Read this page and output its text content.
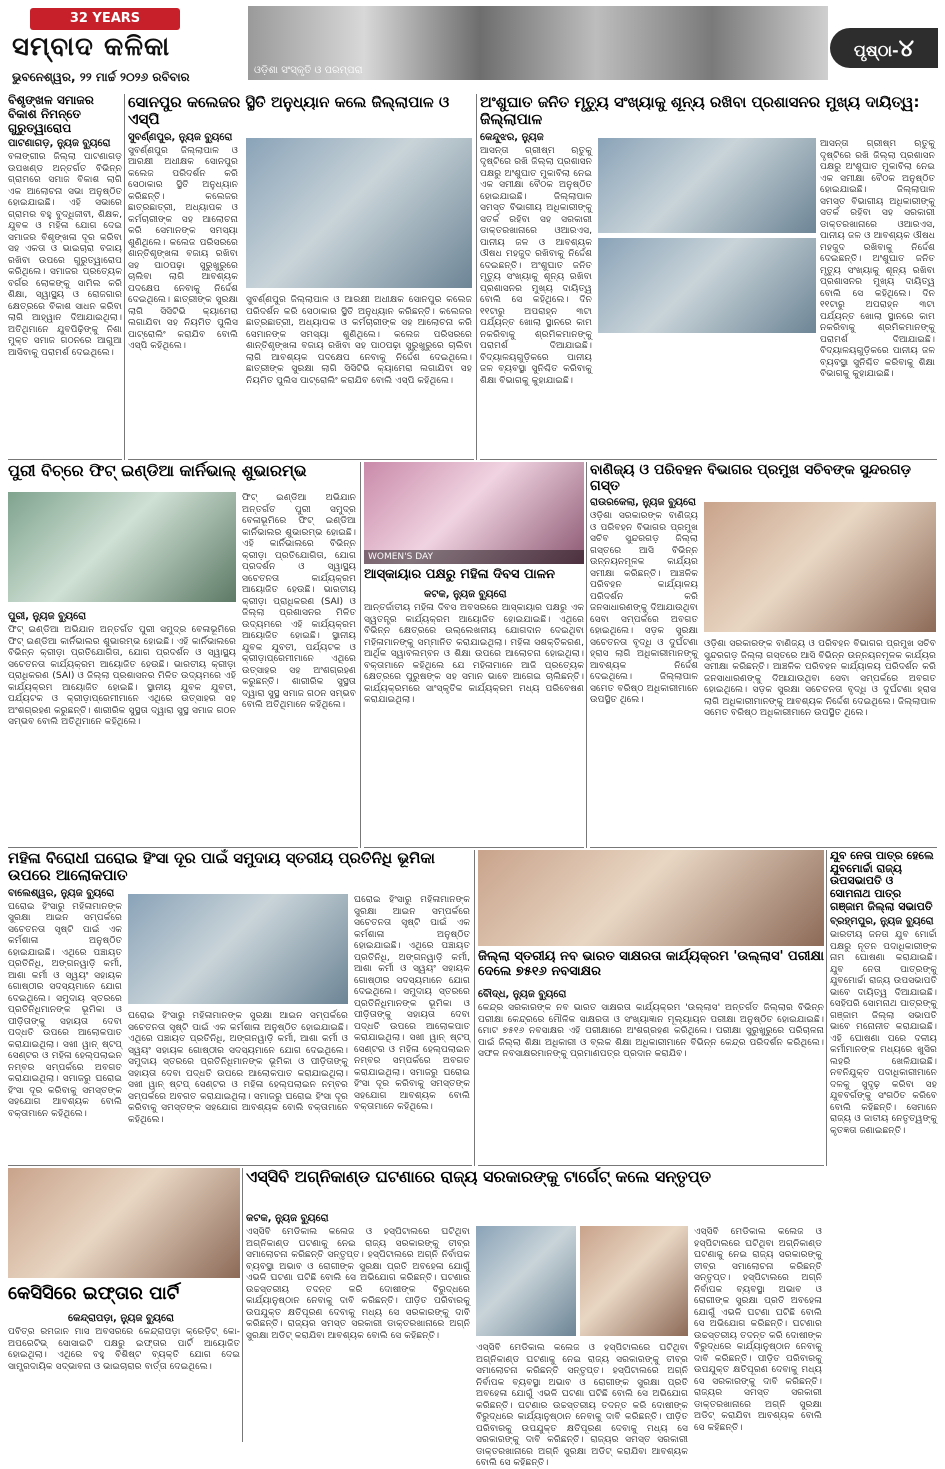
32 YEARS
ସମ୍ବାଦ କଳିକା
ଭୁବନେଶ୍ୱର, ୨୨ ମାର୍ଚ୍ଚ ୨୦୨୬ ରବିବାର	ଓଡ଼ିଶା ସଂସ୍କୃତି ଓ ପରମ୍ପରା
ପୃଷ୍ଠା-୪
ବିଶୃଙ୍ଖଳ ସମାଜର ବିକାଶ ନିମନ୍ତେ ଗୁରୁତ୍ୱାରୋପ
ପାଟଣାଗଡ଼, ନ୍ୟୁଜ ବ୍ୟୁରୋ
ବଳାଙ୍ଗୀର ଜିଲ୍ଲା ପାଟଣାଗଡ଼ ଉପଖଣ୍ଡ ଅନ୍ତର୍ଗତ ବିଭିନ୍ନ ଗ୍ରାମରେ ସମାଜ ବିକାଶ ଲାଗି ଏକ ଆଲୋଚନା ସଭା ଅନୁଷ୍ଠିତ ହୋଇଯାଇଛି। ଏହି ସଭାରେ ଗ୍ରାମର ବହୁ ବୁଦ୍ଧିଜୀବୀ, ଶିକ୍ଷକ, ଯୁବକ ଓ ମହିଳା ଯୋଗ ଦେଇ ସମାଜର ବିଶୃଙ୍ଖଳା ଦୂର କରିବା ସହ ଏକତା ଓ ଭାଇଚାରା ବଜାୟ ରଖିବା ଉପରେ ଗୁରୁତ୍ୱାରୋପ କରିଥିଲେ। ସମାଜର ପ୍ରତ୍ୟେକ ବର୍ଗର ଲୋକଙ୍କୁ ସାମିଲ କରି ଶିକ୍ଷା, ସ୍ୱାସ୍ଥ୍ୟ ଓ ରୋଜଗାର କ୍ଷେତ୍ରରେ ବିକାଶ ସାଧନ କରିବା ଲାଗି ଆହ୍ୱାନ ଦିଆଯାଇଥିଲା। ଅତିଥିମାନେ ଯୁବପିଢ଼ିଙ୍କୁ ନିଶା ମୁକ୍ତ ସମାଜ ଗଠନରେ ଆଗୁଆ ଆସିବାକୁ ପରାମର୍ଶ ଦେଇଥିଲେ।
ସୋନପୁର କଲେଜର ସ୍ଥିତି ଅନୁଧ୍ୟାନ କଲେ ଜିଲ୍ଲାପାଳ ଓ ଏସ୍‌ପି
ସୁବର୍ଣ୍ଣପୁର, ନ୍ୟୁଜ ବ୍ୟୁରୋ
ସୁବର୍ଣ୍ଣପୁର ଜିଲ୍ଲାପାଳ ଓ ଆରକ୍ଷୀ ଅଧୀକ୍ଷକ ସୋନପୁର କଲେଜ ପରିଦର୍ଶନ କରି ସେଠାକାର ସ୍ଥିତି ଅନୁଧ୍ୟାନ କରିଛନ୍ତି। କଲେଜର ଛାତ୍ରଛାତ୍ରୀ, ଅଧ୍ୟାପକ ଓ କର୍ମଚାରୀଙ୍କ ସହ ଆଲୋଚନା କରି ସେମାନଙ୍କ ସମସ୍ୟା ଶୁଣିଥିଲେ। କଲେଜ ପରିସରରେ ଶାନ୍ତିଶୃଙ୍ଖଳା ବଜାୟ ରଖିବା ସହ ପାଠପଢ଼ା ସୁରୁଖୁରୁରେ ଚାଲିବା ଲାଗି ଆବଶ୍ୟକ ପଦକ୍ଷେପ ନେବାକୁ ନିର୍ଦ୍ଦେଶ ଦେଇଥିଲେ। ଛାତ୍ରୀଙ୍କ ସୁରକ୍ଷା ଲାଗି ସିସିଟିଭି କ୍ୟାମେରା ଲଗାଯିବା ସହ ନିୟମିତ ପୁଲିସ ପାଟ୍ରୋଲିଂ କରାଯିବ ବୋଲି ଏସ୍‌ପି କହିଥିଲେ।
ସୁବର୍ଣ୍ଣପୁର ଜିଲ୍ଲାପାଳ ଓ ଆରକ୍ଷୀ ଅଧୀକ୍ଷକ ସୋନପୁର କଲେଜ ପରିଦର୍ଶନ କରି ସେଠାକାର ସ୍ଥିତି ଅନୁଧ୍ୟାନ କରିଛନ୍ତି। କଲେଜର ଛାତ୍ରଛାତ୍ରୀ, ଅଧ୍ୟାପକ ଓ କର୍ମଚାରୀଙ୍କ ସହ ଆଲୋଚନା କରି ସେମାନଙ୍କ ସମସ୍ୟା ଶୁଣିଥିଲେ। କଲେଜ ପରିସରରେ ଶାନ୍ତିଶୃଙ୍ଖଳା ବଜାୟ ରଖିବା ସହ ପାଠପଢ଼ା ସୁରୁଖୁରୁରେ ଚାଲିବା ଲାଗି ଆବଶ୍ୟକ ପଦକ୍ଷେପ ନେବାକୁ ନିର୍ଦ୍ଦେଶ ଦେଇଥିଲେ। ଛାତ୍ରୀଙ୍କ ସୁରକ୍ଷା ଲାଗି ସିସିଟିଭି କ୍ୟାମେରା ଲଗାଯିବା ସହ ନିୟମିତ ପୁଲିସ ପାଟ୍ରୋଲିଂ କରାଯିବ ବୋଲି ଏସ୍‌ପି କହିଥିଲେ।
ଅଂଶୁଘାତ ଜନିତ ମୃତ୍ୟୁ ସଂଖ୍ୟାକୁ ଶୂନ୍ୟ ରଖିବା ପ୍ରଶାସନର ମୁଖ୍ୟ ଦାୟିତ୍ୱ: ଜିଲ୍ଲାପାଳ
କେନ୍ଦୁଝର, ନ୍ୟୁଜ
ଆସନ୍ତା ଗ୍ରୀଷ୍ମ ଋତୁକୁ ଦୃଷ୍ଟିରେ ରଖି ଜିଲ୍ଲା ପ୍ରଶାସନ ପକ୍ଷରୁ ଅଂଶୁଘାତ ମୁକାବିଲା ନେଇ ଏକ ସମୀକ୍ଷା ବୈଠକ ଅନୁଷ୍ଠିତ ହୋଇଯାଇଛି। ଜିଲ୍ଲାପାଳ ସମସ୍ତ ବିଭାଗୀୟ ଅଧିକାରୀଙ୍କୁ ସତର୍କ ରହିବା ସହ ସରକାରୀ ଡାକ୍ତରଖାନାରେ ଓଆରଏସ, ପାନୀୟ ଜଳ ଓ ଆବଶ୍ୟକ ଔଷଧ ମହଜୁଦ ରଖିବାକୁ ନିର୍ଦ୍ଦେଶ ଦେଇଛନ୍ତି। ଅଂଶୁଘାତ ଜନିତ ମୃତ୍ୟୁ ସଂଖ୍ୟାକୁ ଶୂନ୍ୟ ରଖିବା ପ୍ରଶାସନର ମୁଖ୍ୟ ଦାୟିତ୍ୱ ବୋଲି ସେ କହିଥିଲେ। ଦିନ ୧୧ଟାରୁ ଅପରାହ୍ନ ୩ଟା ପର୍ଯ୍ୟନ୍ତ ଖୋଲା ସ୍ଥାନରେ କାମ ନକରିବାକୁ ଶ୍ରମିକମାନଙ୍କୁ ପରାମର୍ଶ ଦିଆଯାଇଛି। ବିଦ୍ୟାଳୟଗୁଡ଼ିକରେ ପାନୀୟ ଜଳ ବ୍ୟବସ୍ଥା ସୁନିଶ୍ଚିତ କରିବାକୁ ଶିକ୍ଷା ବିଭାଗକୁ କୁହାଯାଇଛି।
ଆସନ୍ତା ଗ୍ରୀଷ୍ମ ଋତୁକୁ ଦୃଷ୍ଟିରେ ରଖି ଜିଲ୍ଲା ପ୍ରଶାସନ ପକ୍ଷରୁ ଅଂଶୁଘାତ ମୁକାବିଲା ନେଇ ଏକ ସମୀକ୍ଷା ବୈଠକ ଅନୁଷ୍ଠିତ ହୋଇଯାଇଛି। ଜିଲ୍ଲାପାଳ ସମସ୍ତ ବିଭାଗୀୟ ଅଧିକାରୀଙ୍କୁ ସତର୍କ ରହିବା ସହ ସରକାରୀ ଡାକ୍ତରଖାନାରେ ଓଆରଏସ, ପାନୀୟ ଜଳ ଓ ଆବଶ୍ୟକ ଔଷଧ ମହଜୁଦ ରଖିବାକୁ ନିର୍ଦ୍ଦେଶ ଦେଇଛନ୍ତି। ଅଂଶୁଘାତ ଜନିତ ମୃତ୍ୟୁ ସଂଖ୍ୟାକୁ ଶୂନ୍ୟ ରଖିବା ପ୍ରଶାସନର ମୁଖ୍ୟ ଦାୟିତ୍ୱ ବୋଲି ସେ କହିଥିଲେ। ଦିନ ୧୧ଟାରୁ ଅପରାହ୍ନ ୩ଟା ପର୍ଯ୍ୟନ୍ତ ଖୋଲା ସ୍ଥାନରେ କାମ ନକରିବାକୁ ଶ୍ରମିକମାନଙ୍କୁ ପରାମର୍ଶ ଦିଆଯାଇଛି। ବିଦ୍ୟାଳୟଗୁଡ଼ିକରେ ପାନୀୟ ଜଳ ବ୍ୟବସ୍ଥା ସୁନିଶ୍ଚିତ କରିବାକୁ ଶିକ୍ଷା ବିଭାଗକୁ କୁହାଯାଇଛି।
ପୁରୀ ବିଚ୍‌ରେ ଫିଟ୍ ଇଣ୍ଡିଆ କାର୍ନିଭାଲ୍ ଶୁଭାରମ୍ଭ
ପୁରୀ, ନ୍ୟୁଜ ବ୍ୟୁରୋ
ଫିଟ୍ ଇଣ୍ଡିଆ ଅଭିଯାନ ଅନ୍ତର୍ଗତ ପୁରୀ ସମୁଦ୍ର ବେଳାଭୂମିରେ ଫିଟ୍ ଇଣ୍ଡିଆ କାର୍ନିଭାଲର ଶୁଭାରମ୍ଭ ହୋଇଛି। ଏହି କାର୍ନିଭାଲରେ ବିଭିନ୍ନ କ୍ରୀଡ଼ା ପ୍ରତିଯୋଗିତା, ଯୋଗ ପ୍ରଦର୍ଶନ ଓ ସ୍ୱାସ୍ଥ୍ୟ ସଚେତନତା କାର୍ଯ୍ୟକ୍ରମ ଆୟୋଜିତ ହେଉଛି। ଭାରତୀୟ କ୍ରୀଡ଼ା ପ୍ରାଧିକରଣ (SAI) ଓ ଜିଲ୍ଲା ପ୍ରଶାସନର ମିଳିତ ଉଦ୍ୟମରେ ଏହି କାର୍ଯ୍ୟକ୍ରମ ଆୟୋଜିତ ହୋଇଛି। ସ୍ଥାନୀୟ ଯୁବକ ଯୁବତୀ, ପର୍ଯ୍ୟଟକ ଓ କ୍ରୀଡ଼ାପ୍ରେମୀମାନେ ଏଥିରେ ଉତ୍ସାହର ସହ ଅଂଶଗ୍ରହଣ କରୁଛନ୍ତି। ଶାରୀରିକ ସୁସ୍ଥତା ଦ୍ୱାରା ସୁସ୍ଥ ସମାଜ ଗଠନ ସମ୍ଭବ ବୋଲି ଅତିଥିମାନେ କହିଥିଲେ।
ଫିଟ୍ ଇଣ୍ଡିଆ ଅଭିଯାନ ଅନ୍ତର୍ଗତ ପୁରୀ ସମୁଦ୍ର ବେଳାଭୂମିରେ ଫିଟ୍ ଇଣ୍ଡିଆ କାର୍ନିଭାଲର ଶୁଭାରମ୍ଭ ହୋଇଛି। ଏହି କାର୍ନିଭାଲରେ ବିଭିନ୍ନ କ୍ରୀଡ଼ା ପ୍ରତିଯୋଗିତା, ଯୋଗ ପ୍ରଦର୍ଶନ ଓ ସ୍ୱାସ୍ଥ୍ୟ ସଚେତନତା କାର୍ଯ୍ୟକ୍ରମ ଆୟୋଜିତ ହେଉଛି। ଭାରତୀୟ କ୍ରୀଡ଼ା ପ୍ରାଧିକରଣ (SAI) ଓ ଜିଲ୍ଲା ପ୍ରଶାସନର ମିଳିତ ଉଦ୍ୟମରେ ଏହି କାର୍ଯ୍ୟକ୍ରମ ଆୟୋଜିତ ହୋଇଛି। ସ୍ଥାନୀୟ ଯୁବକ ଯୁବତୀ, ପର୍ଯ୍ୟଟକ ଓ କ୍ରୀଡ଼ାପ୍ରେମୀମାନେ ଏଥିରେ ଉତ୍ସାହର ସହ ଅଂଶଗ୍ରହଣ କରୁଛନ୍ତି। ଶାରୀରିକ ସୁସ୍ଥତା ଦ୍ୱାରା ସୁସ୍ଥ ସମାଜ ଗଠନ ସମ୍ଭବ ବୋଲି ଅତିଥିମାନେ କହିଥିଲେ।
WOMEN'S DAY
ଆସ୍କାୟାର ପକ୍ଷରୁ ମହିଳା ଦିବସ ପାଳନ
କଟକ, ନ୍ୟୁଜ ବ୍ୟୁରୋ
ଆନ୍ତର୍ଜାତୀୟ ମହିଳା ଦିବସ ଅବସରରେ ଆସ୍କାୟାର ପକ୍ଷରୁ ଏକ ସ୍ୱତନ୍ତ୍ର କାର୍ଯ୍ୟକ୍ରମ ଆୟୋଜିତ ହୋଇଯାଇଛି। ଏଥିରେ ବିଭିନ୍ନ କ୍ଷେତ୍ରରେ ଉଲ୍ଲେଖନୀୟ ଯୋଗଦାନ ଦେଇଥିବା ମହିଳାମାନଙ୍କୁ ସମ୍ମାନିତ କରାଯାଇଥିଲା। ମହିଳା ସଶକ୍ତିକରଣ, ଆର୍ଥିକ ସ୍ୱାବଲମ୍ବନ ଓ ଶିକ୍ଷା ଉପରେ ଆଲୋଚନା ହୋଇଥିଲା। ବକ୍ତାମାନେ କହିଥିଲେ ଯେ ମହିଳାମାନେ ଆଜି ପ୍ରତ୍ୟେକ କ୍ଷେତ୍ରରେ ପୁରୁଷଙ୍କ ସହ ସମାନ ଭାବେ ଆଗେଇ ଚାଲିଛନ୍ତି। କାର୍ଯ୍ୟକ୍ରମରେ ସାଂସ୍କୃତିକ କାର୍ଯ୍ୟକ୍ରମ ମଧ୍ୟ ପରିବେଷଣ କରାଯାଇଥିଲା।
ବାଣିଜ୍ୟ ଓ ପରିବହନ ବିଭାଗର ପ୍ରମୁଖ ସଚିବଙ୍କ ସୁନ୍ଦରଗଡ଼ ଗସ୍ତ
ରାଉରକେଲା, ନ୍ୟୁଜ ବ୍ୟୁରୋ
ଓଡ଼ିଶା ସରକାରଙ୍କ ବାଣିଜ୍ୟ ଓ ପରିବହନ ବିଭାଗର ପ୍ରମୁଖ ସଚିବ ସୁନ୍ଦରଗଡ଼ ଜିଲ୍ଲା ଗସ୍ତରେ ଆସି ବିଭିନ୍ନ ଉନ୍ନୟନମୂଳକ କାର୍ଯ୍ୟର ସମୀକ୍ଷା କରିଛନ୍ତି। ଆଞ୍ଚଳିକ ପରିବହନ କାର୍ଯ୍ୟାଳୟ ପରିଦର୍ଶନ କରି ଜନସାଧାରଣଙ୍କୁ ଦିଆଯାଉଥିବା ସେବା ସମ୍ପର୍କରେ ଅବଗତ ହୋଇଥିଲେ। ସଡ଼କ ସୁରକ୍ଷା ସଚେତନତା ବୃଦ୍ଧି ଓ ଦୁର୍ଘଟଣା ହ୍ରାସ ଲାଗି ଅଧିକାରୀମାନଙ୍କୁ ଆବଶ୍ୟକ ନିର୍ଦ୍ଦେଶ ଦେଇଥିଲେ। ଜିଲ୍ଲାପାଳ ସମେତ ବରିଷ୍ଠ ଅଧିକାରୀମାନେ ଉପସ୍ଥିତ ଥିଲେ।
ଓଡ଼ିଶା ସରକାରଙ୍କ ବାଣିଜ୍ୟ ଓ ପରିବହନ ବିଭାଗର ପ୍ରମୁଖ ସଚିବ ସୁନ୍ଦରଗଡ଼ ଜିଲ୍ଲା ଗସ୍ତରେ ଆସି ବିଭିନ୍ନ ଉନ୍ନୟନମୂଳକ କାର୍ଯ୍ୟର ସମୀକ୍ଷା କରିଛନ୍ତି। ଆଞ୍ଚଳିକ ପରିବହନ କାର୍ଯ୍ୟାଳୟ ପରିଦର୍ଶନ କରି ଜନସାଧାରଣଙ୍କୁ ଦିଆଯାଉଥିବା ସେବା ସମ୍ପର୍କରେ ଅବଗତ ହୋଇଥିଲେ। ସଡ଼କ ସୁରକ୍ଷା ସଚେତନତା ବୃଦ୍ଧି ଓ ଦୁର୍ଘଟଣା ହ୍ରାସ ଲାଗି ଅଧିକାରୀମାନଙ୍କୁ ଆବଶ୍ୟକ ନିର୍ଦ୍ଦେଶ ଦେଇଥିଲେ। ଜିଲ୍ଲାପାଳ ସମେତ ବରିଷ୍ଠ ଅଧିକାରୀମାନେ ଉପସ୍ଥିତ ଥିଲେ।
ମହିଳା ବିରୋଧୀ ଘରୋଇ ହିଂସା ଦୂର ପାଇଁ ସମୁଦାୟ ସ୍ତରୀୟ ପ୍ରତିନିଧି ଭୂମିକା ଉପରେ ଆଲୋକପାତ
ବାଲେଶ୍ୱର, ନ୍ୟୁଜ ବ୍ୟୁରୋ
ଘରୋଇ ହିଂସାରୁ ମହିଳାମାନଙ୍କ ସୁରକ୍ଷା ଆଇନ ସମ୍ପର୍କରେ ସଚେତନତା ସୃଷ୍ଟି ପାଇଁ ଏକ କର୍ମଶାଳା ଅନୁଷ୍ଠିତ ହୋଇଯାଇଛି। ଏଥିରେ ପଞ୍ଚାୟତ ପ୍ରତିନିଧି, ଅଙ୍ଗନୱାଡ଼ି କର୍ମୀ, ଆଶା କର୍ମୀ ଓ ସ୍ୱୟଂ ସହାୟକ ଗୋଷ୍ଠୀର ସଦସ୍ୟମାନେ ଯୋଗ ଦେଇଥିଲେ। ସମୁଦାୟ ସ୍ତରରେ ପ୍ରତିନିଧିମାନଙ୍କ ଭୂମିକା ଓ ପୀଡ଼ିତାଙ୍କୁ ସହାୟତା ଦେବା ପଦ୍ଧତି ଉପରେ ଆଲୋକପାତ କରାଯାଇଥିଲା। ସଖୀ ୱାନ୍ ଷ୍ଟପ୍ ସେଣ୍ଟର ଓ ମହିଳା ହେଲ୍ପଲାଇନ ନମ୍ବର ସମ୍ପର୍କରେ ଅବଗତ କରାଯାଇଥିଲା। ସମାଜରୁ ଘରୋଇ ହିଂସା ଦୂର କରିବାକୁ ସମସ୍ତଙ୍କ ସହଯୋଗ ଆବଶ୍ୟକ ବୋଲି ବକ୍ତାମାନେ କହିଥିଲେ।
ଘରୋଇ ହିଂସାରୁ ମହିଳାମାନଙ୍କ ସୁରକ୍ଷା ଆଇନ ସମ୍ପର୍କରେ ସଚେତନତା ସୃଷ୍ଟି ପାଇଁ ଏକ କର୍ମଶାଳା ଅନୁଷ୍ଠିତ ହୋଇଯାଇଛି। ଏଥିରେ ପଞ୍ଚାୟତ ପ୍ରତିନିଧି, ଅଙ୍ଗନୱାଡ଼ି କର୍ମୀ, ଆଶା କର୍ମୀ ଓ ସ୍ୱୟଂ ସହାୟକ ଗୋଷ୍ଠୀର ସଦସ୍ୟମାନେ ଯୋଗ ଦେଇଥିଲେ। ସମୁଦାୟ ସ୍ତରରେ ପ୍ରତିନିଧିମାନଙ୍କ ଭୂମିକା ଓ ପୀଡ଼ିତାଙ୍କୁ ସହାୟତା ଦେବା ପଦ୍ଧତି ଉପରେ ଆଲୋକପାତ କରାଯାଇଥିଲା। ସଖୀ ୱାନ୍ ଷ୍ଟପ୍ ସେଣ୍ଟର ଓ ମହିଳା ହେଲ୍ପଲାଇନ ନମ୍ବର ସମ୍ପର୍କରେ ଅବଗତ କରାଯାଇଥିଲା। ସମାଜରୁ ଘରୋଇ ହିଂସା ଦୂର କରିବାକୁ ସମସ୍ତଙ୍କ ସହଯୋଗ ଆବଶ୍ୟକ ବୋଲି ବକ୍ତାମାନେ କହିଥିଲେ।
ଘରୋଇ ହିଂସାରୁ ମହିଳାମାନଙ୍କ ସୁରକ୍ଷା ଆଇନ ସମ୍ପର୍କରେ ସଚେତନତା ସୃଷ୍ଟି ପାଇଁ ଏକ କର୍ମଶାଳା ଅନୁଷ୍ଠିତ ହୋଇଯାଇଛି। ଏଥିରେ ପଞ୍ଚାୟତ ପ୍ରତିନିଧି, ଅଙ୍ଗନୱାଡ଼ି କର୍ମୀ, ଆଶା କର୍ମୀ ଓ ସ୍ୱୟଂ ସହାୟକ ଗୋଷ୍ଠୀର ସଦସ୍ୟମାନେ ଯୋଗ ଦେଇଥିଲେ। ସମୁଦାୟ ସ୍ତରରେ ପ୍ରତିନିଧିମାନଙ୍କ ଭୂମିକା ଓ ପୀଡ଼ିତାଙ୍କୁ ସହାୟତା ଦେବା ପଦ୍ଧତି ଉପରେ ଆଲୋକପାତ କରାଯାଇଥିଲା। ସଖୀ ୱାନ୍ ଷ୍ଟପ୍ ସେଣ୍ଟର ଓ ମହିଳା ହେଲ୍ପଲାଇନ ନମ୍ବର ସମ୍ପର୍କରେ ଅବଗତ କରାଯାଇଥିଲା। ସମାଜରୁ ଘରୋଇ ହିଂସା ଦୂର କରିବାକୁ ସମସ୍ତଙ୍କ ସହଯୋଗ ଆବଶ୍ୟକ ବୋଲି ବକ୍ତାମାନେ କହିଥିଲେ।
ଜିଲ୍ଲା ସ୍ତରୀୟ ନବ ଭାରତ ସାକ୍ଷରତା କାର୍ଯ୍ୟକ୍ରମ 'ଉଲ୍ଲାସ' ପରୀକ୍ଷା ଦେଲେ ୭୫୧୬ ନବସାକ୍ଷର
ବୌଦ୍ଧ, ନ୍ୟୁଜ ବ୍ୟୁରୋ
କେନ୍ଦ୍ର ସରକାରଙ୍କ ନବ ଭାରତ ସାକ୍ଷରତା କାର୍ଯ୍ୟକ୍ରମ 'ଉଲ୍ଲାସ' ଅନ୍ତର୍ଗତ ଜିଲ୍ଲାର ବିଭିନ୍ନ ପରୀକ୍ଷା କେନ୍ଦ୍ରରେ ମୌଳିକ ସାକ୍ଷରତା ଓ ସଂଖ୍ୟାଜ୍ଞାନ ମୂଲ୍ୟାୟନ ପରୀକ୍ଷା ଅନୁଷ୍ଠିତ ହୋଇଯାଇଛି। ମୋଟ ୭୫୧୬ ନବସାକ୍ଷର ଏହି ପରୀକ୍ଷାରେ ଅଂଶଗ୍ରହଣ କରିଥିଲେ। ପରୀକ୍ଷା ସୁରୁଖୁରୁରେ ପରିଚାଳନା ପାଇଁ ଜିଲ୍ଲା ଶିକ୍ଷା ଅଧିକାରୀ ଓ ବ୍ଲକ ଶିକ୍ଷା ଅଧିକାରୀମାନେ ବିଭିନ୍ନ କେନ୍ଦ୍ର ପରିଦର୍ଶନ କରିଥିଲେ। ସଫଳ ନବସାକ୍ଷରମାନଙ୍କୁ ପ୍ରମାଣପତ୍ର ପ୍ରଦାନ କରାଯିବ।
ଯୁବ ନେତା ପାତ୍ର ହେଲେ ଯୁବମୋର୍ଚ୍ଚା ରାଜ୍ୟ ଉପସଭାପତି ଓ ସୋମନାଥ ପାତ୍ର ଗଞ୍ଜାମ ଜିଲ୍ଲା ସଭାପତି
ବ୍ରହ୍ମପୁର, ନ୍ୟୁଜ ବ୍ୟୁରୋ
ଭାରତୀୟ ଜନତା ଯୁବ ମୋର୍ଚ୍ଚା ପକ୍ଷରୁ ନୂତନ ପଦାଧିକାରୀଙ୍କ ନାମ ଘୋଷଣା କରାଯାଇଛି। ଯୁବ ନେତା ପାତ୍ରଙ୍କୁ ଯୁବମୋର୍ଚ୍ଚା ରାଜ୍ୟ ଉପସଭାପତି ଭାବେ ଦାୟିତ୍ୱ ଦିଆଯାଇଛି। ସେହିପରି ସୋମନାଥ ପାତ୍ରଙ୍କୁ ଗଞ୍ଜାମ ଜିଲ୍ଲା ସଭାପତି ଭାବେ ମନୋନୀତ କରାଯାଇଛି। ଏହି ଘୋଷଣା ପରେ ଦଳୀୟ କର୍ମୀମାନଙ୍କ ମଧ୍ୟରେ ଖୁସିର ଲହରି ଖେଳିଯାଇଛି। ନବନିଯୁକ୍ତ ପଦାଧିକାରୀମାନେ ଦଳକୁ ସୁଦୃଢ଼ କରିବା ସହ ଯୁବବର୍ଗଙ୍କୁ ସଂଗଠିତ କରିବେ ବୋଲି କହିଛନ୍ତି। ସେମାନେ ରାଜ୍ୟ ଓ ଜାତୀୟ ନେତୃତ୍ୱଙ୍କୁ କୃତଜ୍ଞତା ଜଣାଇଛନ୍ତି।
କେସିସିରେ ଇଫ୍ତାର ପାର୍ଟି
କେନ୍ଦ୍ରାପଡ଼ା, ନ୍ୟୁଜ ବ୍ୟୁରୋ
ପବିତ୍ର ରମଜାନ ମାସ ଅବସରରେ କେନ୍ଦ୍ରାପଡ଼ା କ୍ରେଡ଼ିଟ୍ କୋ-ଅପରେଟିଭ୍ ସୋସାଇଟି ପକ୍ଷରୁ ଇଫ୍ତାର ପାର୍ଟି ଆୟୋଜିତ ହୋଇଥିଲା। ଏଥିରେ ବହୁ ବିଶିଷ୍ଟ ବ୍ୟକ୍ତି ଯୋଗ ଦେଇ ସାମ୍ପ୍ରଦାୟିକ ସଦ୍ଭାବନା ଓ ଭାଇଚାରାର ବାର୍ତ୍ତା ଦେଇଥିଲେ।
ଏସ୍‌ସିବି ଅଗ୍ନିକାଣ୍ଡ ଘଟଣାରେ ରାଜ୍ୟ ସରକାରଙ୍କୁ ଟାର୍ଗେଟ୍ କଲେ ସନ୍ତୃପ୍ତ
କଟକ, ନ୍ୟୁଜ ବ୍ୟୁରୋ
ଏସ୍‌ସିବି ମେଡିକାଲ କଲେଜ ଓ ହସ୍ପିଟାଲରେ ଘଟିଥିବା ଅଗ୍ନିକାଣ୍ଡ ଘଟଣାକୁ ନେଇ ରାଜ୍ୟ ସରକାରଙ୍କୁ ତୀବ୍ର ସମାଲୋଚନା କରିଛନ୍ତି ସନ୍ତୃପ୍ତ। ହସ୍ପିଟାଲରେ ଅଗ୍ନି ନିର୍ବାପକ ବ୍ୟବସ୍ଥା ଅଭାବ ଓ ରୋଗୀଙ୍କ ସୁରକ୍ଷା ପ୍ରତି ଅବହେଳା ଯୋଗୁଁ ଏଭଳି ଘଟଣା ଘଟିଛି ବୋଲି ସେ ଅଭିଯୋଗ କରିଛନ୍ତି। ଘଟଣାର ଉଚ୍ଚସ୍ତରୀୟ ତଦନ୍ତ କରି ଦୋଷୀଙ୍କ ବିରୁଦ୍ଧରେ କାର୍ଯ୍ୟାନୁଷ୍ଠାନ ନେବାକୁ ଦାବି କରିଛନ୍ତି। ପୀଡ଼ିତ ପରିବାରକୁ ଉପଯୁକ୍ତ କ୍ଷତିପୂରଣ ଦେବାକୁ ମଧ୍ୟ ସେ ସରକାରଙ୍କୁ ଦାବି କରିଛନ୍ତି। ରାଜ୍ୟର ସମସ୍ତ ସରକାରୀ ଡାକ୍ତରଖାନାରେ ଅଗ୍ନି ସୁରକ୍ଷା ଅଡିଟ୍ କରାଯିବା ଆବଶ୍ୟକ ବୋଲି ସେ କହିଛନ୍ତି।
ଏସ୍‌ସିବି ମେଡିକାଲ କଲେଜ ଓ ହସ୍ପିଟାଲରେ ଘଟିଥିବା ଅଗ୍ନିକାଣ୍ଡ ଘଟଣାକୁ ନେଇ ରାଜ୍ୟ ସରକାରଙ୍କୁ ତୀବ୍ର ସମାଲୋଚନା କରିଛନ୍ତି ସନ୍ତୃପ୍ତ। ହସ୍ପିଟାଲରେ ଅଗ୍ନି ନିର୍ବାପକ ବ୍ୟବସ୍ଥା ଅଭାବ ଓ ରୋଗୀଙ୍କ ସୁରକ୍ଷା ପ୍ରତି ଅବହେଳା ଯୋଗୁଁ ଏଭଳି ଘଟଣା ଘଟିଛି ବୋଲି ସେ ଅଭିଯୋଗ କରିଛନ୍ତି। ଘଟଣାର ଉଚ୍ଚସ୍ତରୀୟ ତଦନ୍ତ କରି ଦୋଷୀଙ୍କ ବିରୁଦ୍ଧରେ କାର୍ଯ୍ୟାନୁଷ୍ଠାନ ନେବାକୁ ଦାବି କରିଛନ୍ତି। ପୀଡ଼ିତ ପରିବାରକୁ ଉପଯୁକ୍ତ କ୍ଷତିପୂରଣ ଦେବାକୁ ମଧ୍ୟ ସେ ସରକାରଙ୍କୁ ଦାବି କରିଛନ୍ତି। ରାଜ୍ୟର ସମସ୍ତ ସରକାରୀ ଡାକ୍ତରଖାନାରେ ଅଗ୍ନି ସୁରକ୍ଷା ଅଡିଟ୍ କରାଯିବା ଆବଶ୍ୟକ ବୋଲି ସେ କହିଛନ୍ତି।
ଏସ୍‌ସିବି ମେଡିକାଲ କଲେଜ ଓ ହସ୍ପିଟାଲରେ ଘଟିଥିବା ଅଗ୍ନିକାଣ୍ଡ ଘଟଣାକୁ ନେଇ ରାଜ୍ୟ ସରକାରଙ୍କୁ ତୀବ୍ର ସମାଲୋଚନା କରିଛନ୍ତି ସନ୍ତୃପ୍ତ। ହସ୍ପିଟାଲରେ ଅଗ୍ନି ନିର୍ବାପକ ବ୍ୟବସ୍ଥା ଅଭାବ ଓ ରୋଗୀଙ୍କ ସୁରକ୍ଷା ପ୍ରତି ଅବହେଳା ଯୋଗୁଁ ଏଭଳି ଘଟଣା ଘଟିଛି ବୋଲି ସେ ଅଭିଯୋଗ କରିଛନ୍ତି। ଘଟଣାର ଉଚ୍ଚସ୍ତରୀୟ ତଦନ୍ତ କରି ଦୋଷୀଙ୍କ ବିରୁଦ୍ଧରେ କାର୍ଯ୍ୟାନୁଷ୍ଠାନ ନେବାକୁ ଦାବି କରିଛନ୍ତି। ପୀଡ଼ିତ ପରିବାରକୁ ଉପଯୁକ୍ତ କ୍ଷତିପୂରଣ ଦେବାକୁ ମଧ୍ୟ ସେ ସରକାରଙ୍କୁ ଦାବି କରିଛନ୍ତି। ରାଜ୍ୟର ସମସ୍ତ ସରକାରୀ ଡାକ୍ତରଖାନାରେ ଅଗ୍ନି ସୁରକ୍ଷା ଅଡିଟ୍ କରାଯିବା ଆବଶ୍ୟକ ବୋଲି ସେ କହିଛନ୍ତି।
